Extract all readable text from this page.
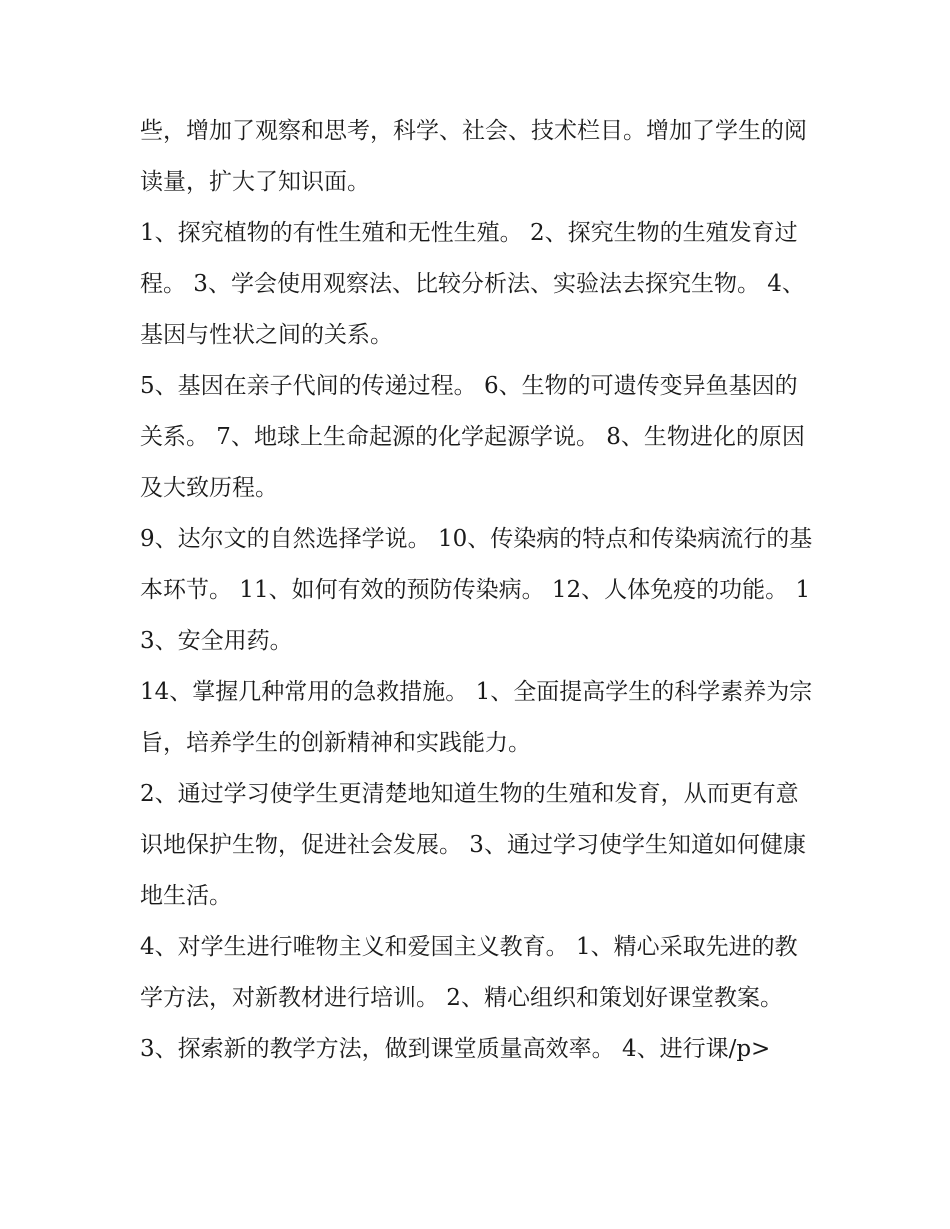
些，增加了观察和思考，科学、社会、技术栏目。增加了学生的阅读量，扩大了知识面。

1、探究植物的有性生殖和无性生殖。 2、探究生物的生殖发育过程。 3、学会使用观察法、比较分析法、实验法去探究生物。 4、基因与性状之间的关系。

5、基因在亲子代间的传递过程。 6、生物的可遗传变异鱼基因的关系。 7、地球上生命起源的化学起源学说。 8、生物进化的原因及大致历程。

9、达尔文的自然选择学说。 10、传染病的特点和传染病流行的基本环节。 11、如何有效的预防传染病。 12、人体免疫的功能。 13、安全用药。

14、掌握几种常用的急救措施。 1、全面提高学生的科学素养为宗旨，培养学生的创新精神和实践能力。

2、通过学习使学生更清楚地知道生物的生殖和发育，从而更有意识地保护生物，促进社会发展。 3、通过学习使学生知道如何健康地生活。

4、对学生进行唯物主义和爱国主义教育。 1、精心采取先进的教学方法，对新教材进行培训。 2、精心组织和策划好课堂教案。

3、探索新的教学方法，做到课堂质量高效率。 4、进行课/p>
